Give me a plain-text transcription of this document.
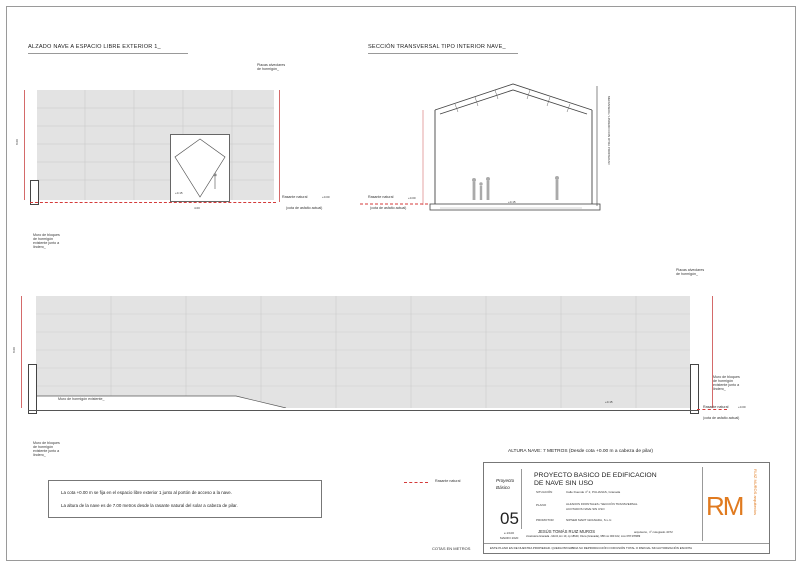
ALZADO NAVE A ESPACIO LIBRE EXTERIOR 1_
8.00
4.00
+0.15
Placas alveolares
de hormigón_
Rasante natural	+0.00
(cota de asfalto actual)
Muro de bloques
de hormigón
existente junto a
lindero_
SECCIÓN TRANSVERSAL TIPO INTERIOR NAVE_
MEDIANERA / LINDERO CON OTRA PROPIEDAD
Rasante natural	+0.00
(cota de asfalto actual)
+0.15
8.00
+0.15
Muro de hormigón existente_
Placas alveolares
de hormigón_
Muro de bloques
de hormigón
existente junto a
lindero_
Rasante natural	+0.00
(cota de asfalto actual)
Muro de bloques
de hormigón
existente junto a
lindero_
ALTURA NAVE: 7 METROS (Desde cota +0.00 m a cabeza de pilar)
Rasante natural
COTAS EN METROS
La cota +0.00 m se fija en el espacio libre exterior 1 junto al portón de acceso a la nave.
La altura de la nave es de 7.00 metros desde la rasante natural del solar a cabeza de pilar.
Proyecto
Básico
PROYECTO BASICO DE EDIFICACION
DE NAVE SIN USO
SITUACIÓN	Calle Duende nº 2, PULIANAS, Granada
PLANO	ALZADOS FRONTALES / SECCIÓN TRANSVERSAL
ACOTADOS NAVE SIN USO
PROMOTOR	NIPSER MART GRANADA, S.L.U.
05
e.1/100
MARZO 2020
JESÚS TOMÁS RUIZ MUROS	arquitecto, nº colegiado 4072
c/carretera Granada - Motril, km 10, cp 18640, Otura (Granada), 958 xxx 000 102, mov 678 378389
ESTE PLANO ES DE NUESTRA PROPIEDAD. QUEDA PROHIBIDA SU REPRODUCCIÓN O DIFUSIÓN TOTAL O PARCIAL SIN AUTORIZACIÓN ESCRITA
RM	RUIZ MUROS arquitectos
